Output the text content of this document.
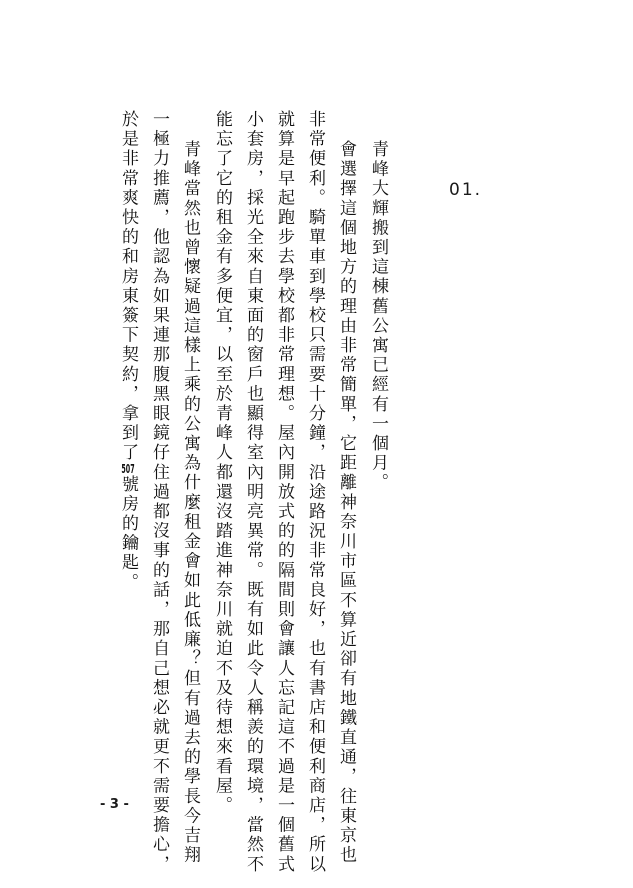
01.
青峰大輝搬到這棟舊公寓已經有一個月。
會選擇這個地方的理由非常簡單，它距離神奈川市區不算近卻有地鐵直通，往東京也
非常便利。騎單車到學校只需要十分鐘，沿途路況非常良好，也有書店和便利商店，所以
就算是早起跑步去學校都非常理想。屋內開放式的的隔間則會讓人忘記這不過是一個舊式
小套房，採光全來自東面的窗戶也顯得室內明亮異常。既有如此令人稱羨的環境，當然不
能忘了它的租金有多便宜，以至於青峰人都還沒踏進神奈川就迫不及待想來看屋。
青峰當然也曾懷疑過這樣上乘的公寓為什麼租金會如此低廉？但有過去的學長今吉翔
一極力推薦，他認為如果連那腹黑眼鏡仔住過都沒事的話，那自己想必就更不需要擔心，
於是非常爽快的和房東簽下契約，拿到了507號房的鑰匙。
- 3 -
